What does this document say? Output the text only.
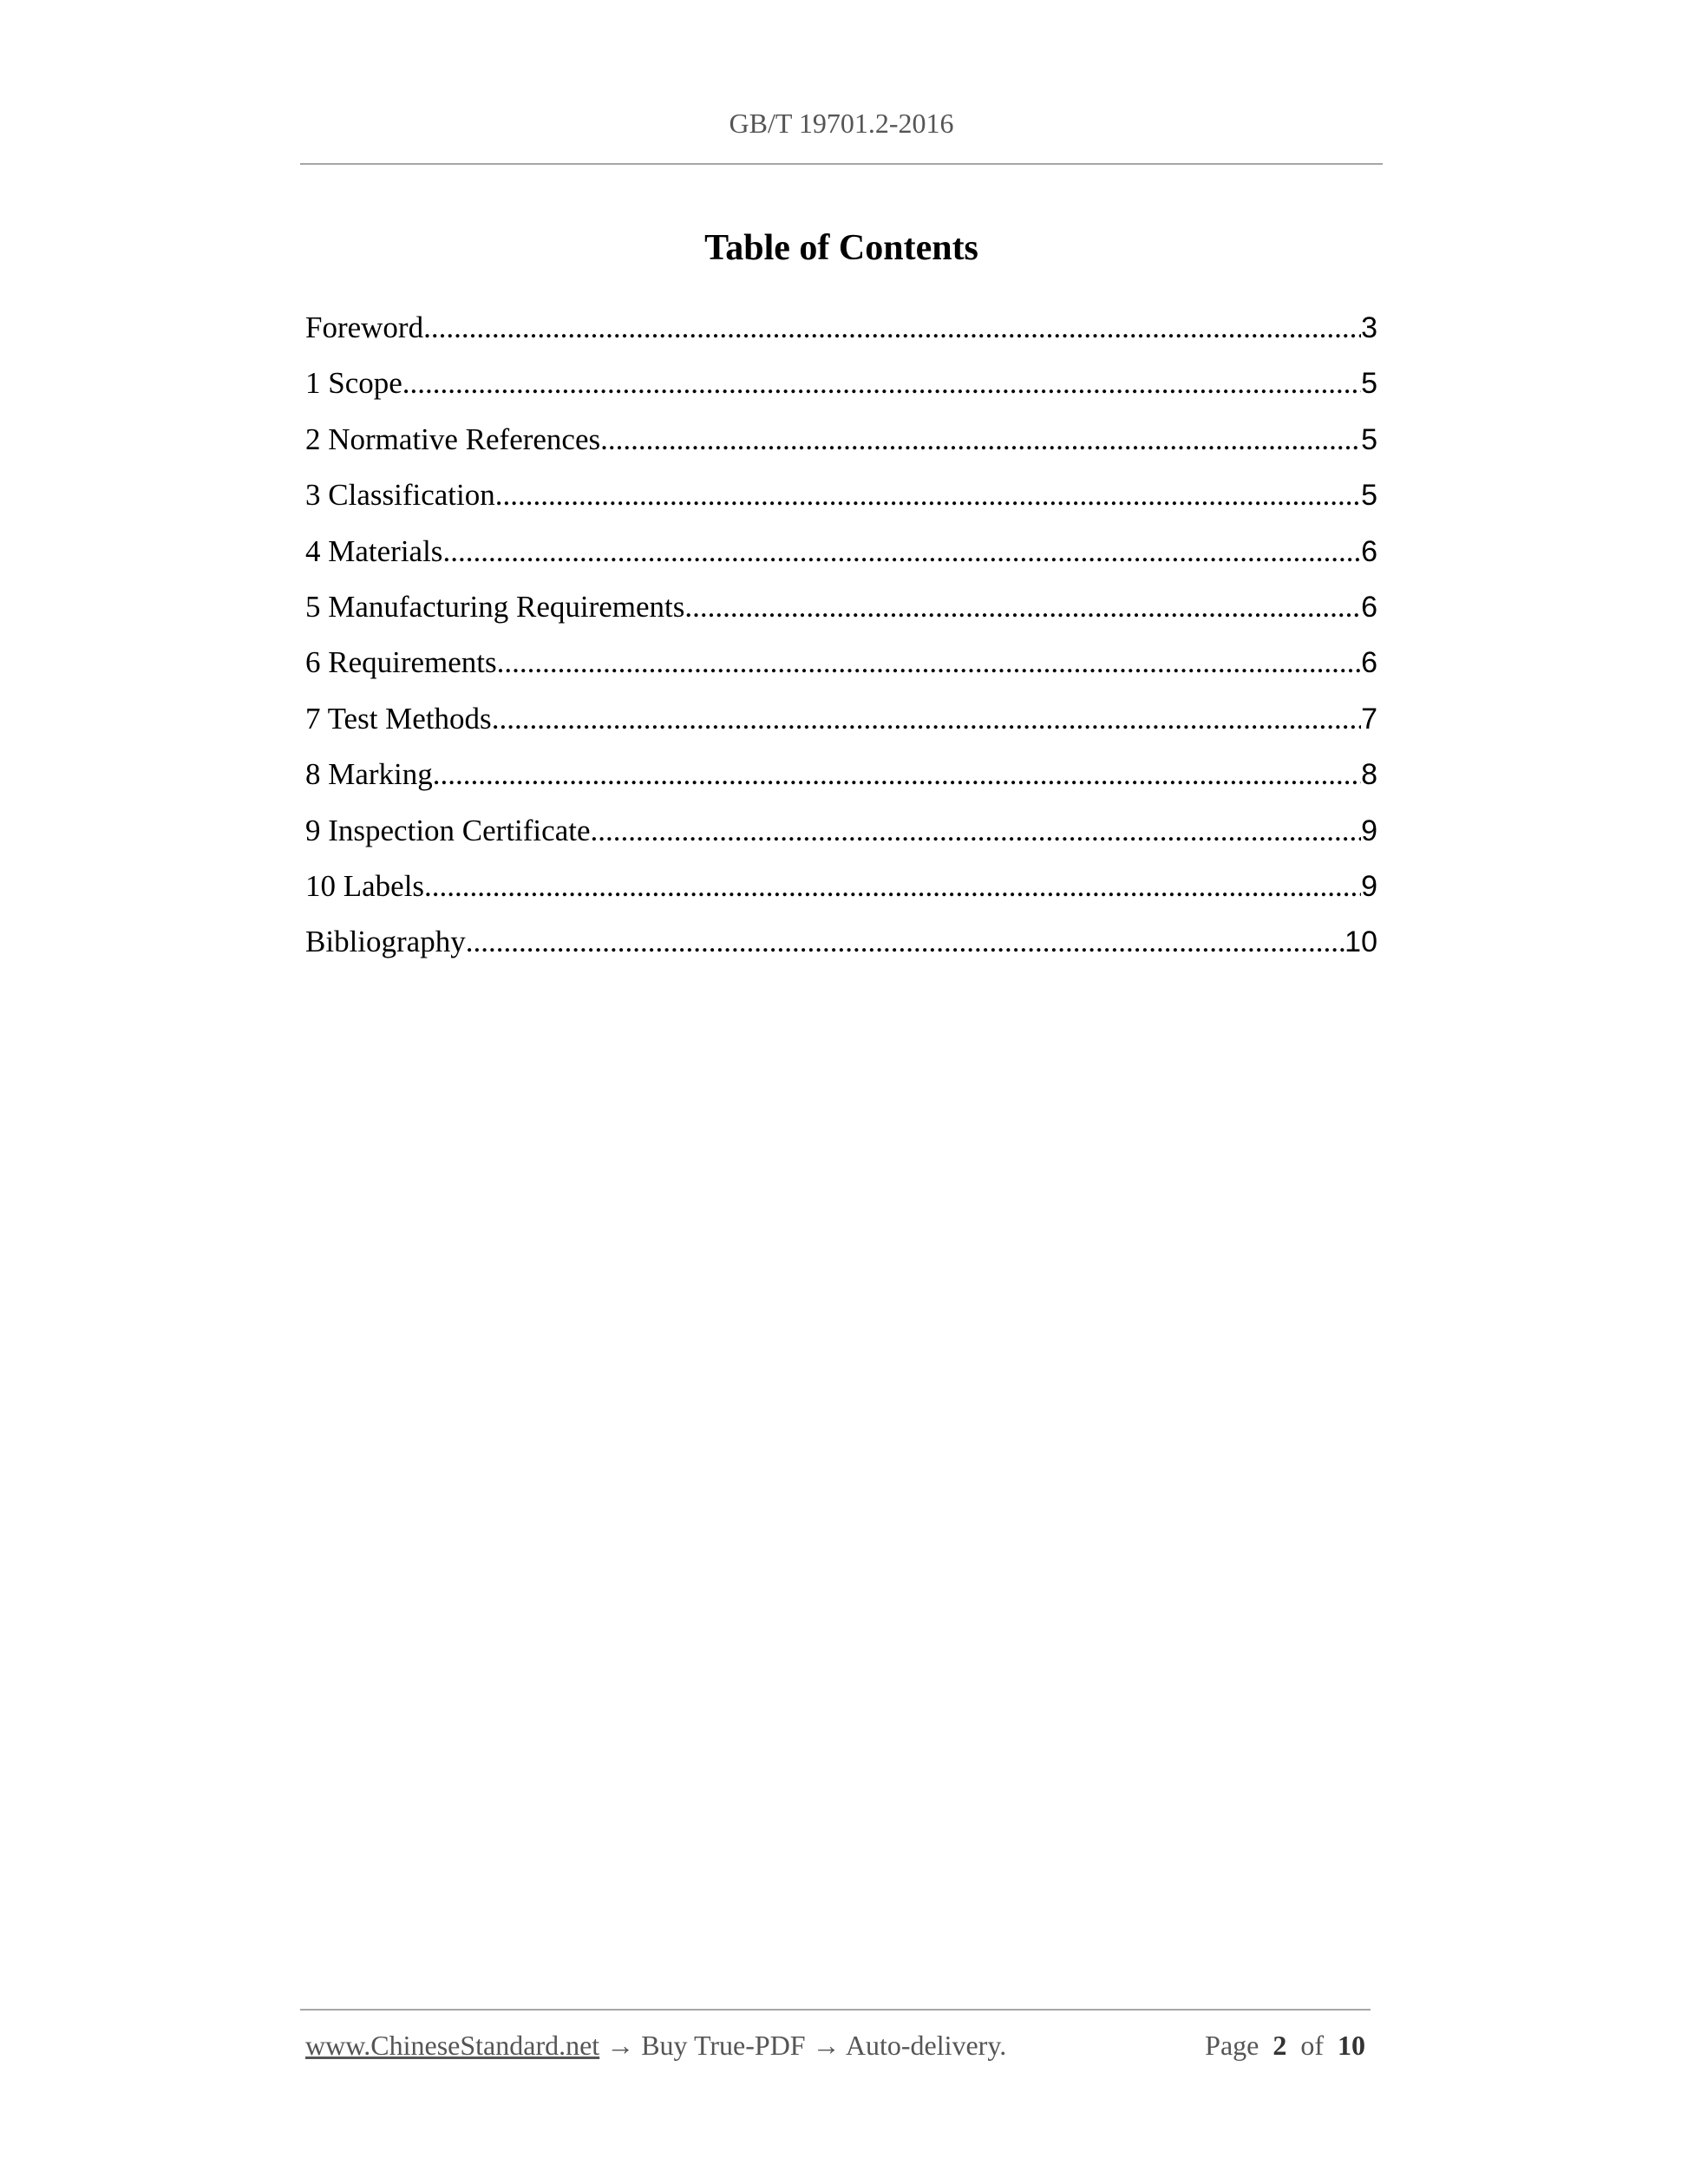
GB/T 19701.2-2016
Table of Contents
Foreword .....	3
1 Scope .....	5
2 Normative References .....	5
3 Classification .....	5
4 Materials .....	6
5 Manufacturing Requirements .....	6
6 Requirements .....	6
7 Test Methods .....	7
8 Marking .....	8
9 Inspection Certificate .....	9
10 Labels .....	9
Bibliography .....	10
www.ChineseStandard.net → Buy True-PDF → Auto-delivery.	Page 2 of 10
